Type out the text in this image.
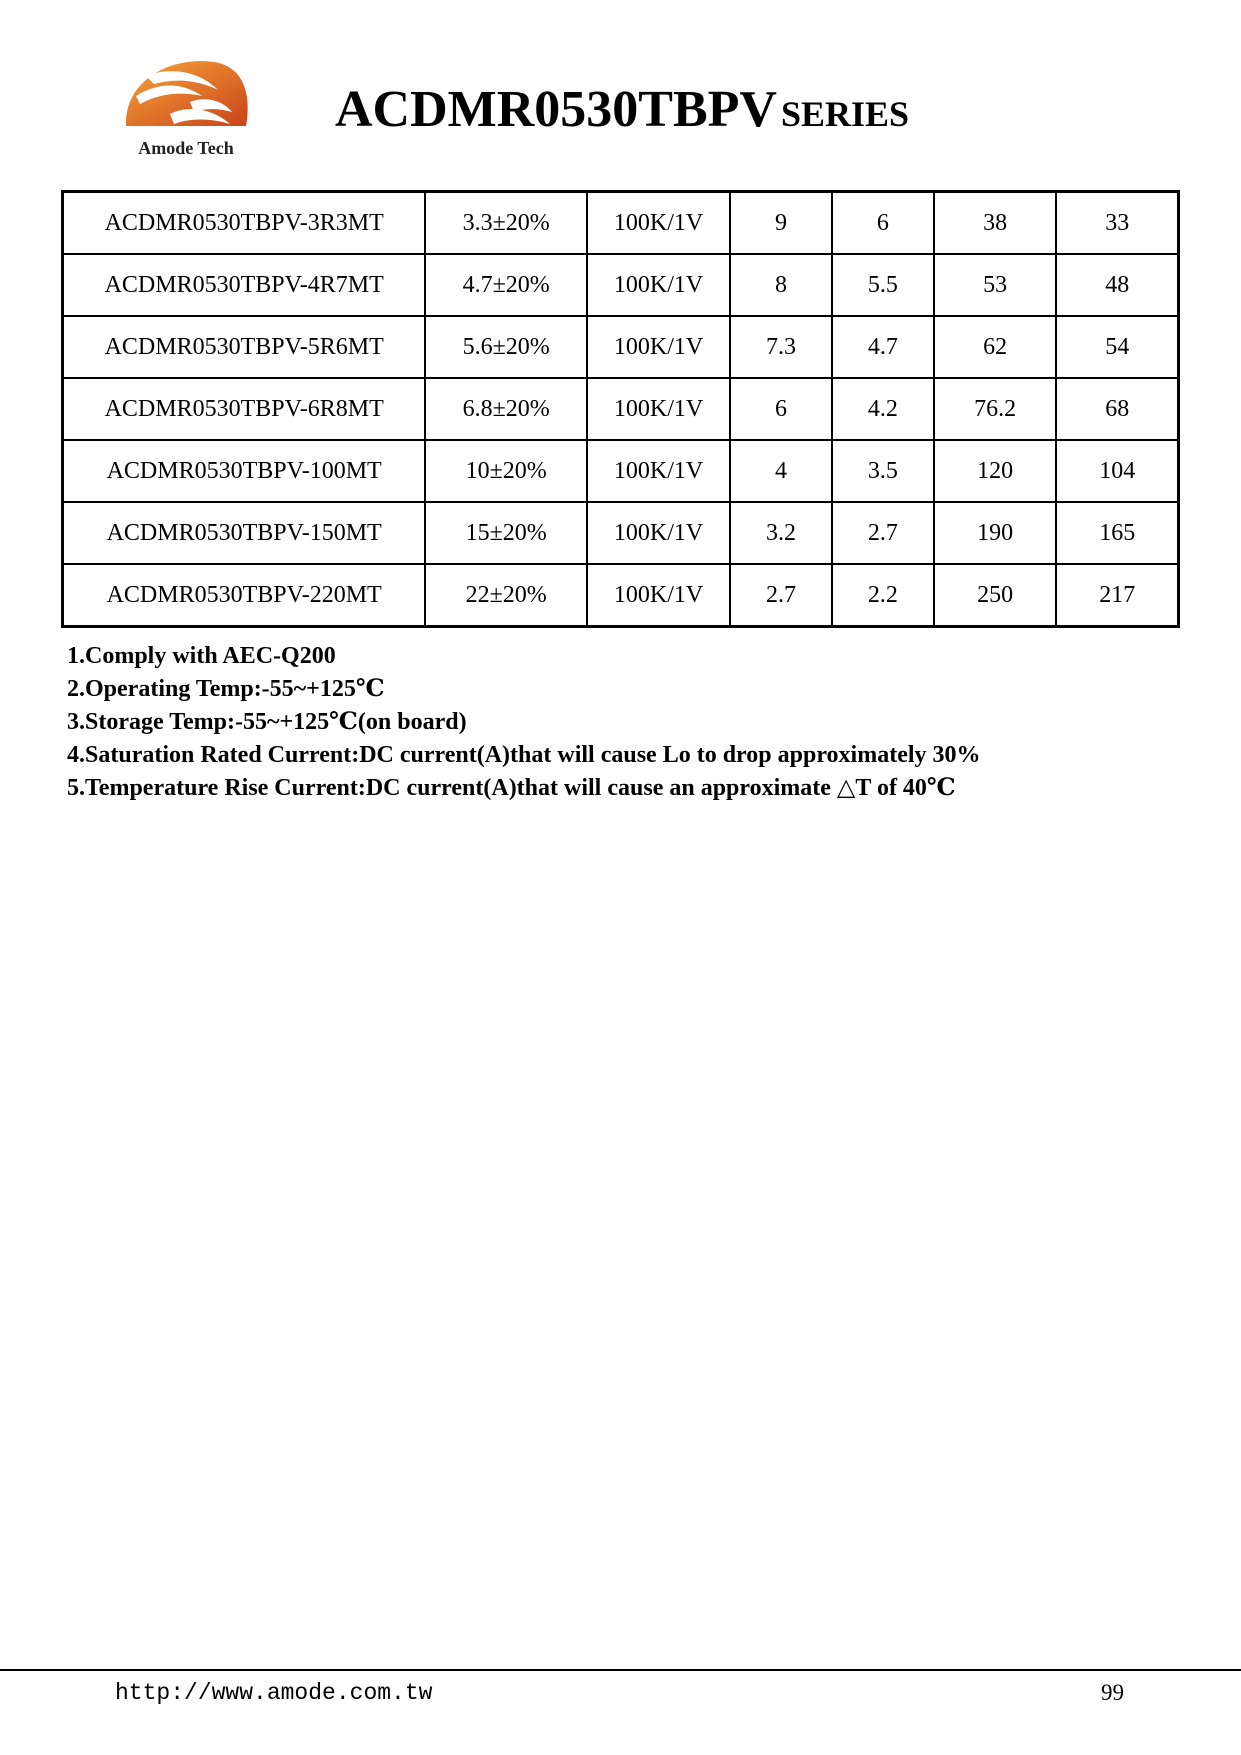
Amode Tech
ACDMR0530TBPV SERIES
ACDMR0530TBPV-3R3MT	3.3±20%	100K/1V	9	6	38	33
ACDMR0530TBPV-4R7MT	4.7±20%	100K/1V	8	5.5	53	48
ACDMR0530TBPV-5R6MT	5.6±20%	100K/1V	7.3	4.7	62	54
ACDMR0530TBPV-6R8MT	6.8±20%	100K/1V	6	4.2	76.2	68
ACDMR0530TBPV-100MT	10±20%	100K/1V	4	3.5	120	104
ACDMR0530TBPV-150MT	15±20%	100K/1V	3.2	2.7	190	165
ACDMR0530TBPV-220MT	22±20%	100K/1V	2.7	2.2	250	217
1.Comply with AEC-Q200
2.Operating Temp:-55~+125℃
3.Storage Temp:-55~+125℃(on board)
4.Saturation Rated Current:DC current(A)that will cause Lo to drop approximately 30%
5.Temperature Rise Current:DC current(A)that will cause an approximate △T of 40℃
http://www.amode.com.tw	99
